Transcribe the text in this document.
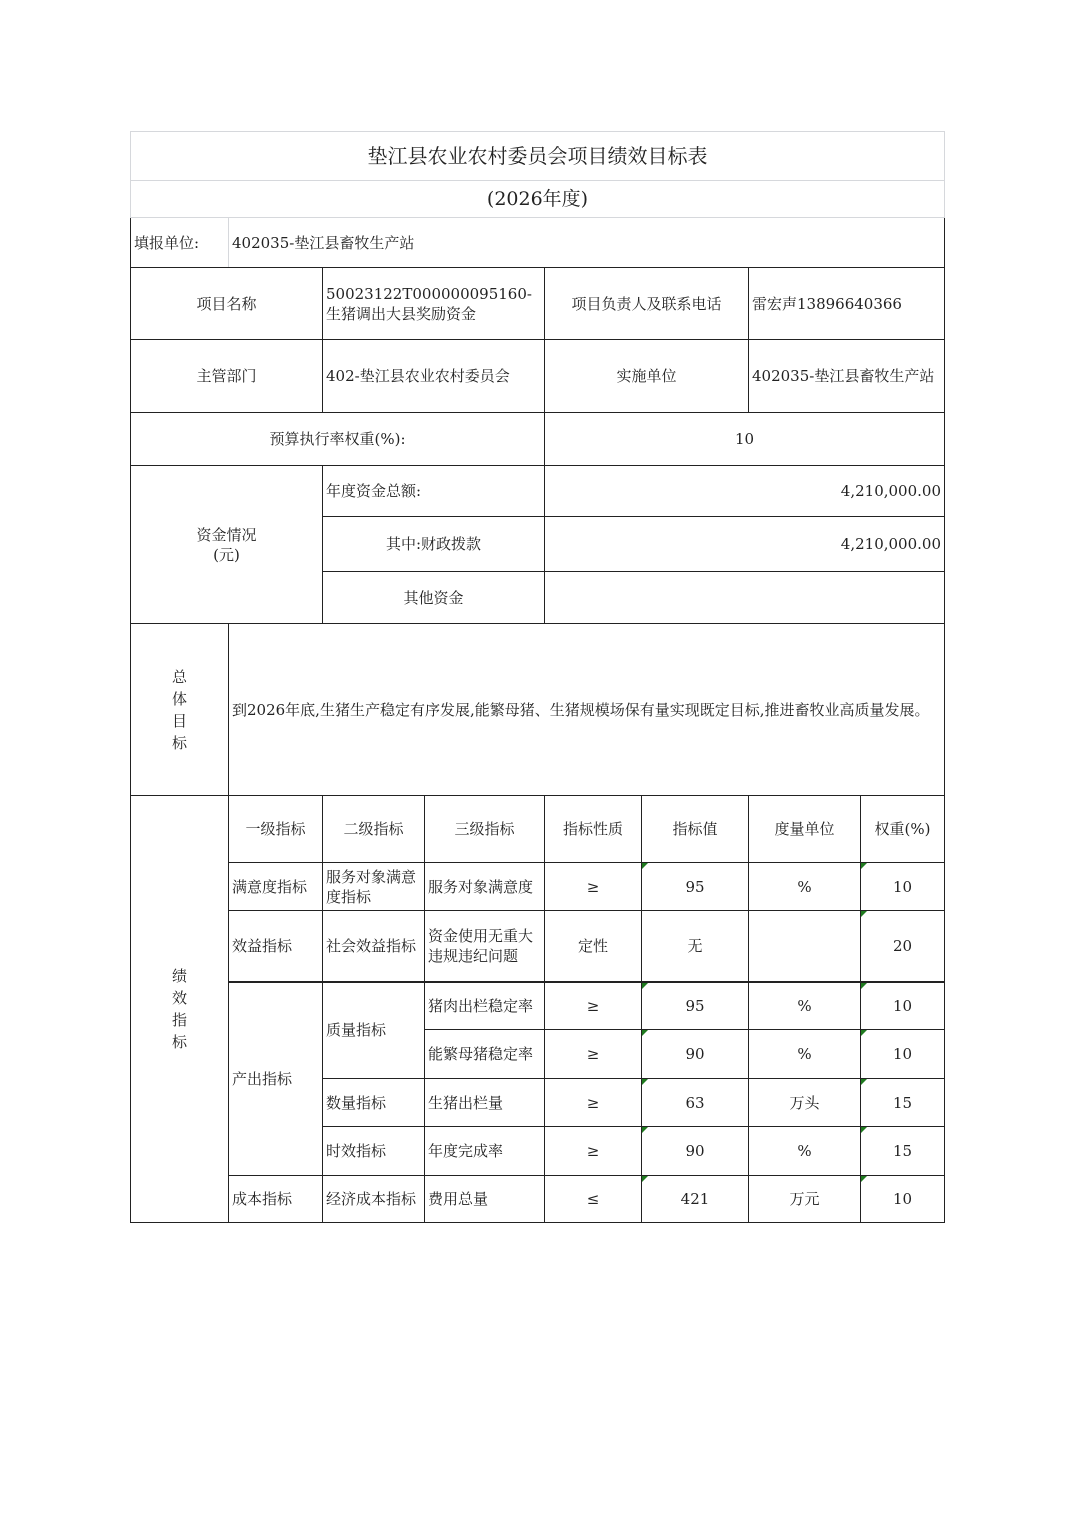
垫江县农业农村委员会项目绩效目标表							
(2026年度)							
填报单位:	402035-垫江县畜牧生产站						
项目名称		50023122T000000095160-生猪调出大县奖励资金		项目负责人及联系电话		雷宏声13896640366	
主管部门		402-垫江县农业农村委员会		实施单位		402035-垫江县畜牧生产站	
预算执行率权重(%):				10			

资金情况
(元)		年度资金总额:		4,210,000.00			
		其中:财政拨款		4,210,000.00			
		其他资金					

总
体
目
标	到2026年底,生猪生产稳定有序发展,能繁母猪、生猪规模场保有量实现既定目标,推进畜牧业高质量发展。						

绩
效
指
标	一级指标	二级指标	三级指标	指标性质	指标值	度量单位	权重(%)
	满意度指标	服务对象满意度指标	服务对象满意度	≥	95	%	10
	效益指标	社会效益指标	资金使用无重大违规违纪问题	定性	无		20
	产出指标	质量指标	猪肉出栏稳定率	≥	95	%	10
			能繁母猪稳定率	≥	90	%	10
		数量指标	生猪出栏量	≥	63	万头	15
		时效指标	年度完成率	≥	90	%	15
	成本指标	经济成本指标	费用总量	≤	421	万元	10
